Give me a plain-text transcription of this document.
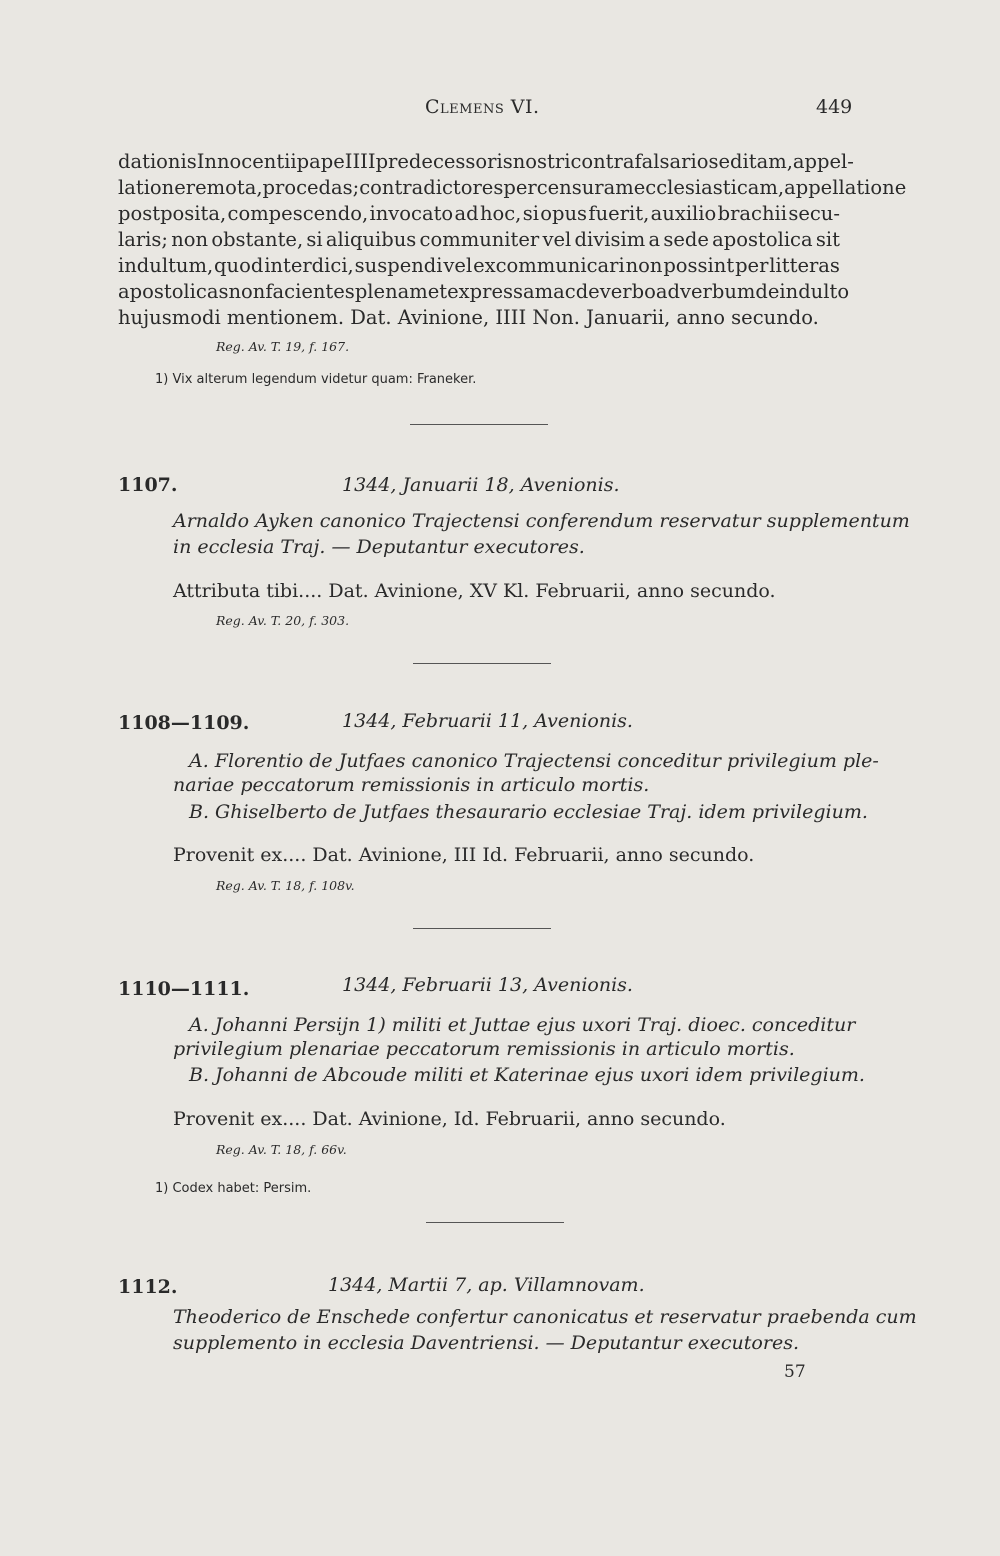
Clemens VI.	449
dationis Innocentii pape IIII predecessoris nostri contra falsarios editam, appel-
latione remota, procedas; contradictores per censuram ecclesiasticam, appellatione
postposita, compescendo, invocato ad hoc, si opus fuerit, auxilio brachii secu-
laris; non obstante, si aliquibus communiter vel divisim a sede apostolica sit
indultum, quod interdici, suspendi vel excommunicari non possint per litteras
apostolicas non facientes plenam et expressam ac de verbo ad verbum de indulto
hujusmodi mentionem. Dat. Avinione, IIII Non. Januarii, anno secundo.
Reg. Av. T. 19, f. 167.
1) Vix alterum legendum videtur quam: Franeker.
1107.	1344, Januarii 18, Avenionis.
Arnaldo Ayken canonico Trajectensi conferendum reservatur supplementum
in ecclesia Traj. — Deputantur executores.
Attributa tibi.... Dat. Avinione, XV Kl. Februarii, anno secundo.
Reg. Av. T. 20, f. 303.
1108—1109.	1344, Februarii 11, Avenionis.
A. Florentio de Jutfaes canonico Trajectensi conceditur privilegium ple-
nariae peccatorum remissionis in articulo mortis.
B. Ghiselberto de Jutfaes thesaurario ecclesiae Traj. idem privilegium.
Provenit ex.... Dat. Avinione, III Id. Februarii, anno secundo.
Reg. Av. T. 18, f. 108v.
1110—1111.	1344, Februarii 13, Avenionis.
A. Johanni Persijn 1) militi et Juttae ejus uxori Traj. dioec. conceditur
privilegium plenariae peccatorum remissionis in articulo mortis.
B. Johanni de Abcoude militi et Katerinae ejus uxori idem privilegium.
Provenit ex.... Dat. Avinione, Id. Februarii, anno secundo.
Reg. Av. T. 18, f. 66v.
1) Codex habet: Persim.
1112.	1344, Martii 7, ap. Villamnovam.
Theoderico de Enschede confertur canonicatus et reservatur praebenda cum
supplemento in ecclesia Daventriensi. — Deputantur executores.
57
